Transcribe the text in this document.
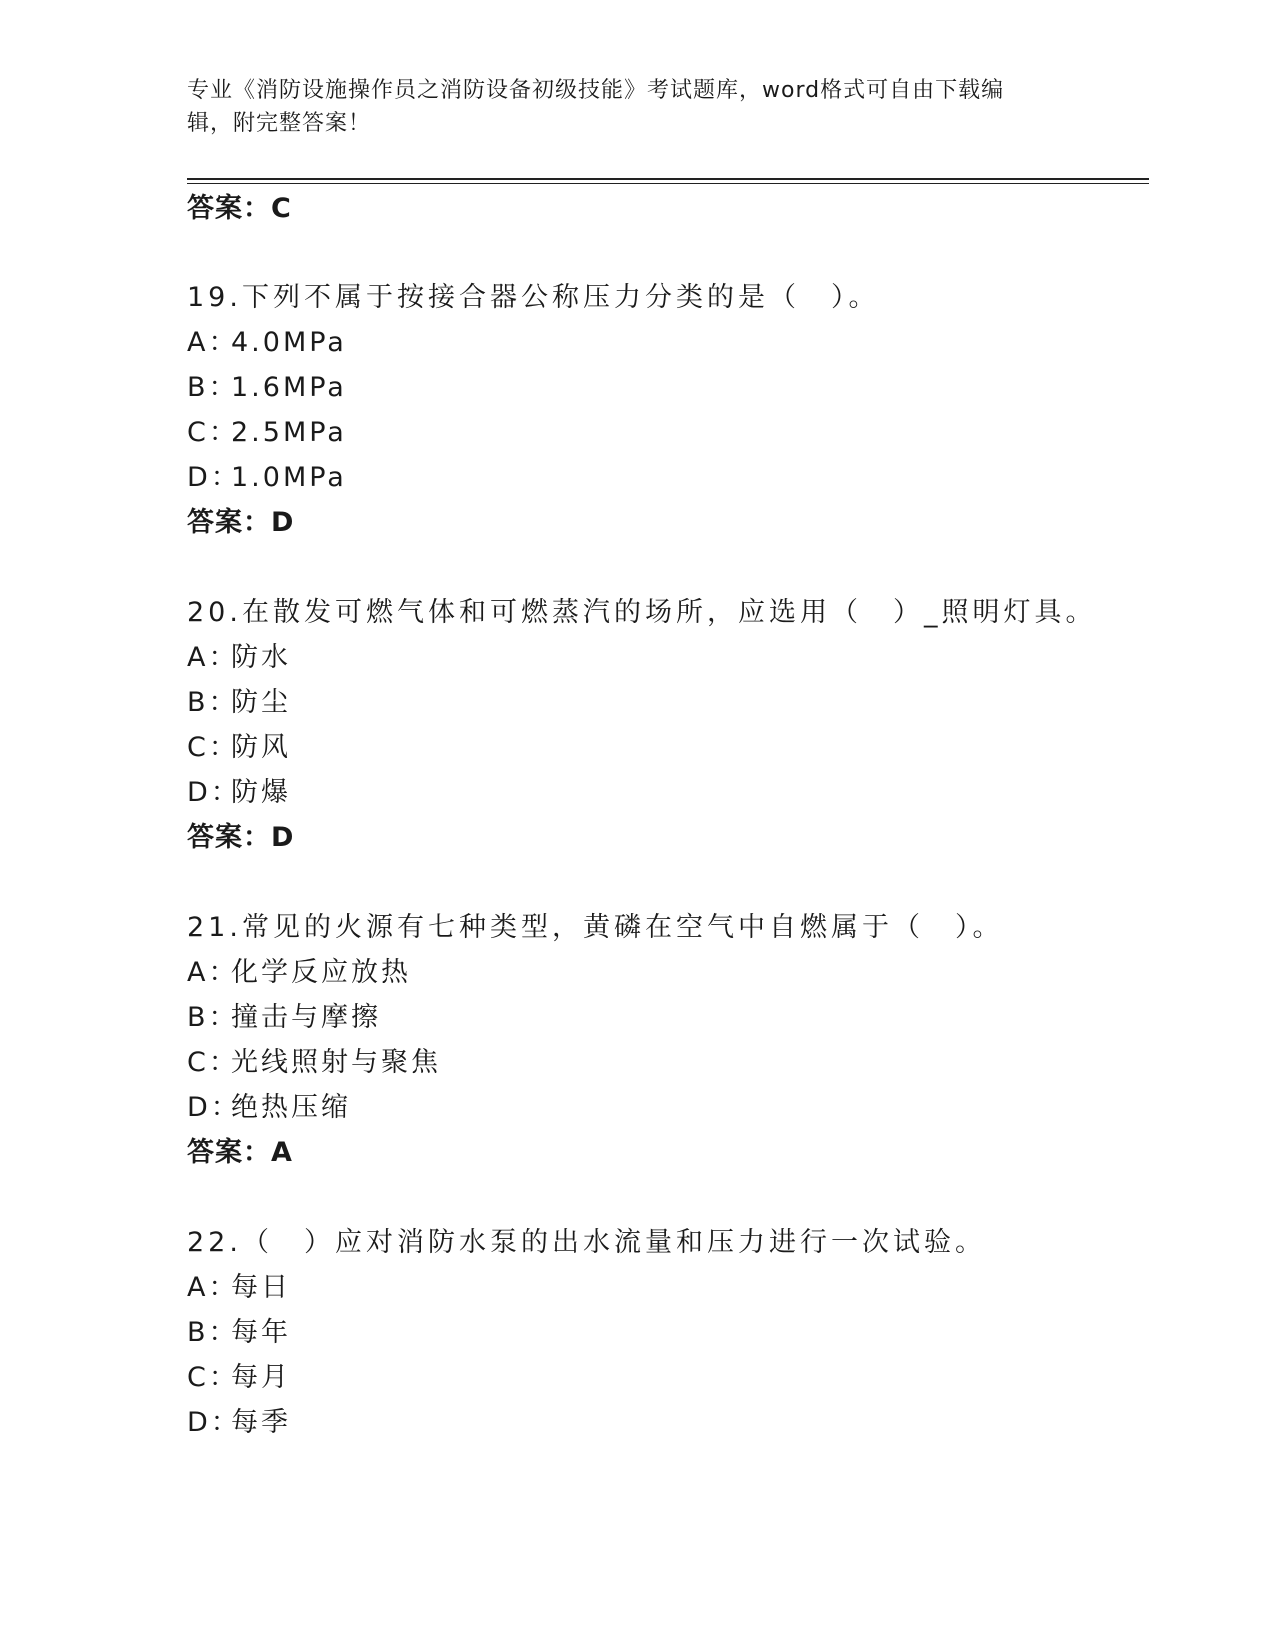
专业《消防设施操作员之消防设备初级技能》考试题库，word格式可自由下载编
辑，附完整答案！
答案：C
19.下列不属于按接合器公称压力分类的是（　）。
A：4.0MPa
B：1.6MPa
C：2.5MPa
D：1.0MPa
答案：D
20.在散发可燃气体和可燃蒸汽的场所，应选用（　）_照明灯具。
A：防水
B：防尘
C：防风
D：防爆
答案：D
21.常见的火源有七种类型，黄磷在空气中自燃属于（　）。
A：化学反应放热
B：撞击与摩擦
C：光线照射与聚焦
D：绝热压缩
答案：A
22.（　）应对消防水泵的出水流量和压力进行一次试验。
A：每日
B：每年
C：每月
D：每季
